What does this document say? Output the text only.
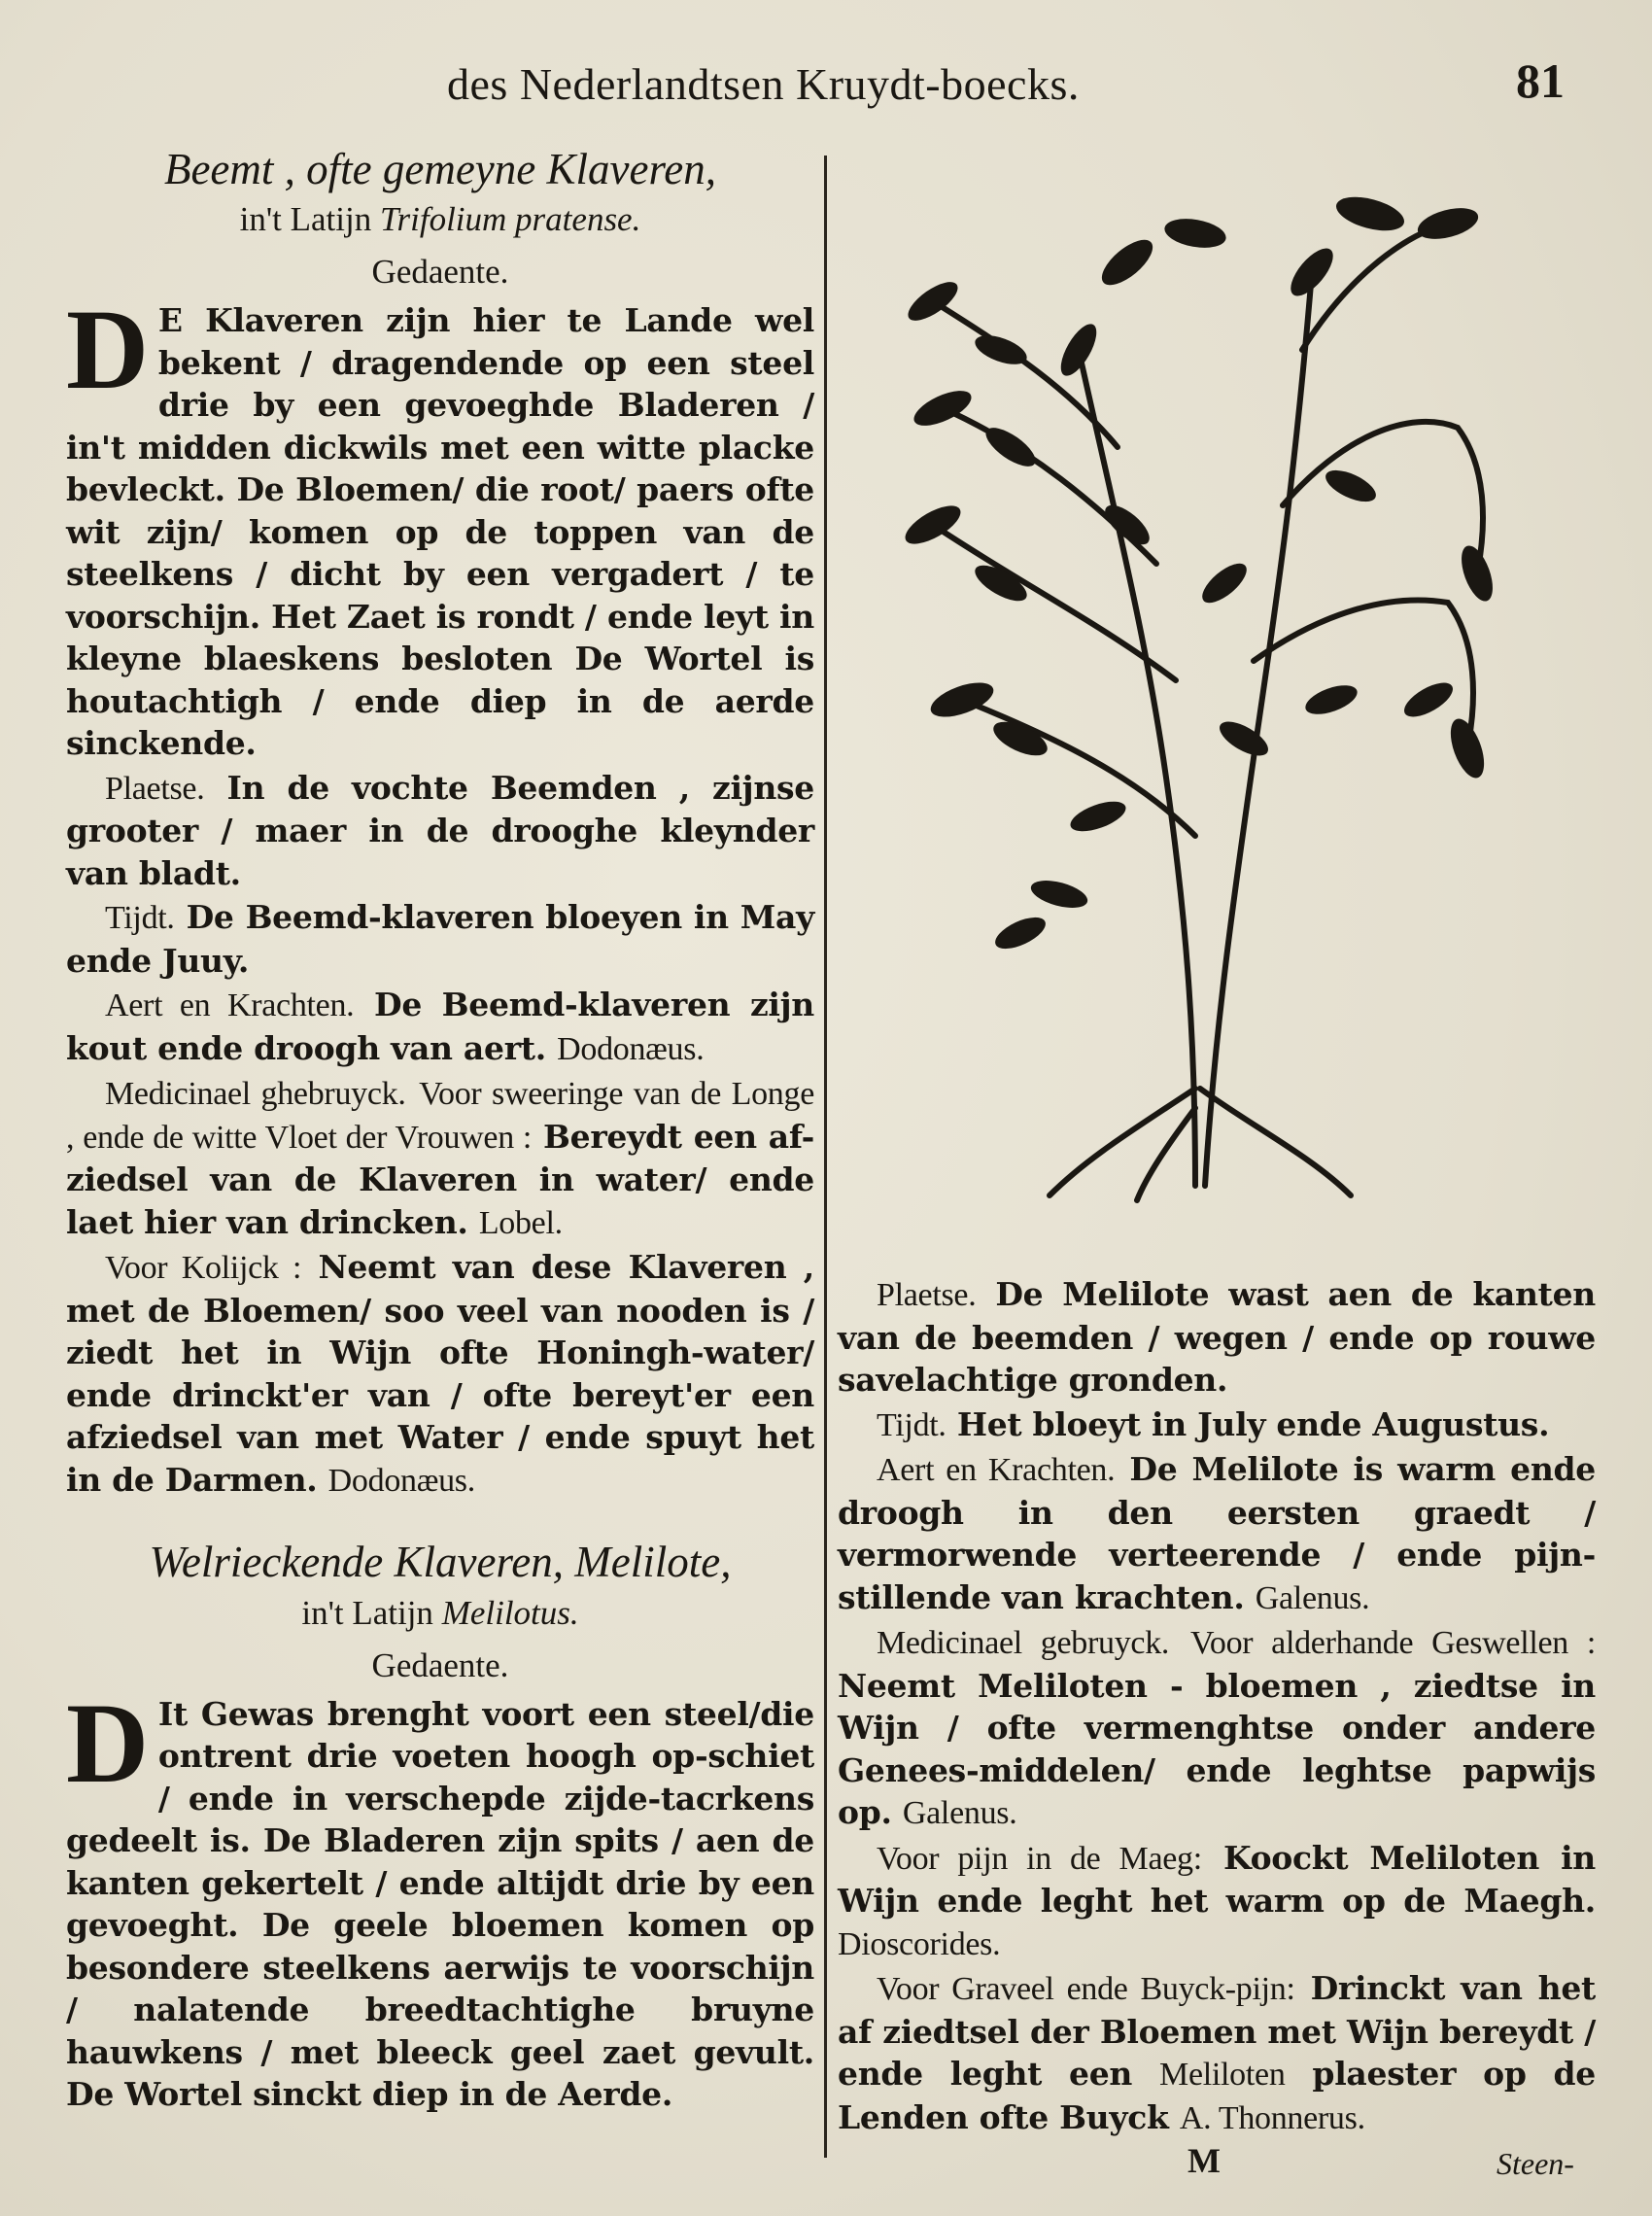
des Nederlandtsen Kruydt-boecks.	81
Beemt , ofte gemeyne Klaveren,
in't Latijn Trifolium pratense.
Gedaente.

D E Klaveren zijn hier te Lande wel bekent / dragendende op een steel drie by een gevoeghde Bladeren / in't midden dickwils met een witte placke bevleckt. De Bloemen/ die root/ paers ofte wit zijn/ komen op de toppen van de steelkens / dicht by een vergadert / te voorschijn. Het Zaet is rondt / ende leyt in kleyne blaeskens besloten De Wortel is houtachtigh / ende diep in de aerde sinckende.

Plaetse. In de vochte Beemden , zijnse grooter / maer in de drooghe kleynder van bladt.

Tijdt. De Beemd-klaveren bloeyen in May ende Juuy.

Aert en Krachten. De Beemd-klaveren zijn kout ende droogh van aert. Dodonæus.

Medicinael ghebruyck. Voor sweeringe van de Longe , ende de witte Vloet der Vrouwen : Bereydt een af-ziedsel van de Klaveren in water/ ende laet hier van drincken. Lobel.

Voor Kolijck : Neemt van dese Klaveren , met de Bloemen/ soo veel van nooden is / ziedt het in Wijn ofte Honingh-water/ ende drinckt'er van / ofte bereyt'er een afziedsel van met Water / ende spuyt het in de Darmen. Dodonæus.

Welrieckende Klaveren, Melilote,
in't Latijn Melilotus.
Gedaente.

D It Gewas brenght voort een steel/die ontrent drie voeten hoogh op-schiet / ende in verschepde zijde-tacrkens gedeelt is. De Bladeren zijn spits / aen de kanten gekertelt / ende altijdt drie by een gevoeght. De geele bloemen komen op besondere steelkens aerwijs te voorschijn / nalatende breedtachtighe bruyne hauwkens / met bleeck geel zaet gevult. De Wortel sinckt diep in de Aerde.

Plaetse. De Melilote wast aen de kanten van de beemden / wegen / ende op rouwe savelachtige gronden.

Tijdt. Het bloeyt in July ende Augustus.

Aert en Krachten. De Melilote is warm ende droogh in den eersten graedt / vermorwende verteerende / ende pijn-stillende van krachten. Galenus.

Medicinael gebruyck. Voor alderhande Geswellen : Neemt Meliloten - bloemen , ziedtse in Wijn / ofte vermenghtse onder andere Genees-middelen/ ende leghtse papwijs op. Galenus.

Voor pijn in de Maeg: Koockt Meliloten in Wijn ende leght het warm op de Maegh. Dioscorides.

Voor Graveel ende Buyck-pijn: Drinckt van het af ziedtsel der Bloemen met Wijn bereydt / ende leght een Meliloten plaester op de Lenden ofte Buyck A. Thonnerus.

M	Steen-
